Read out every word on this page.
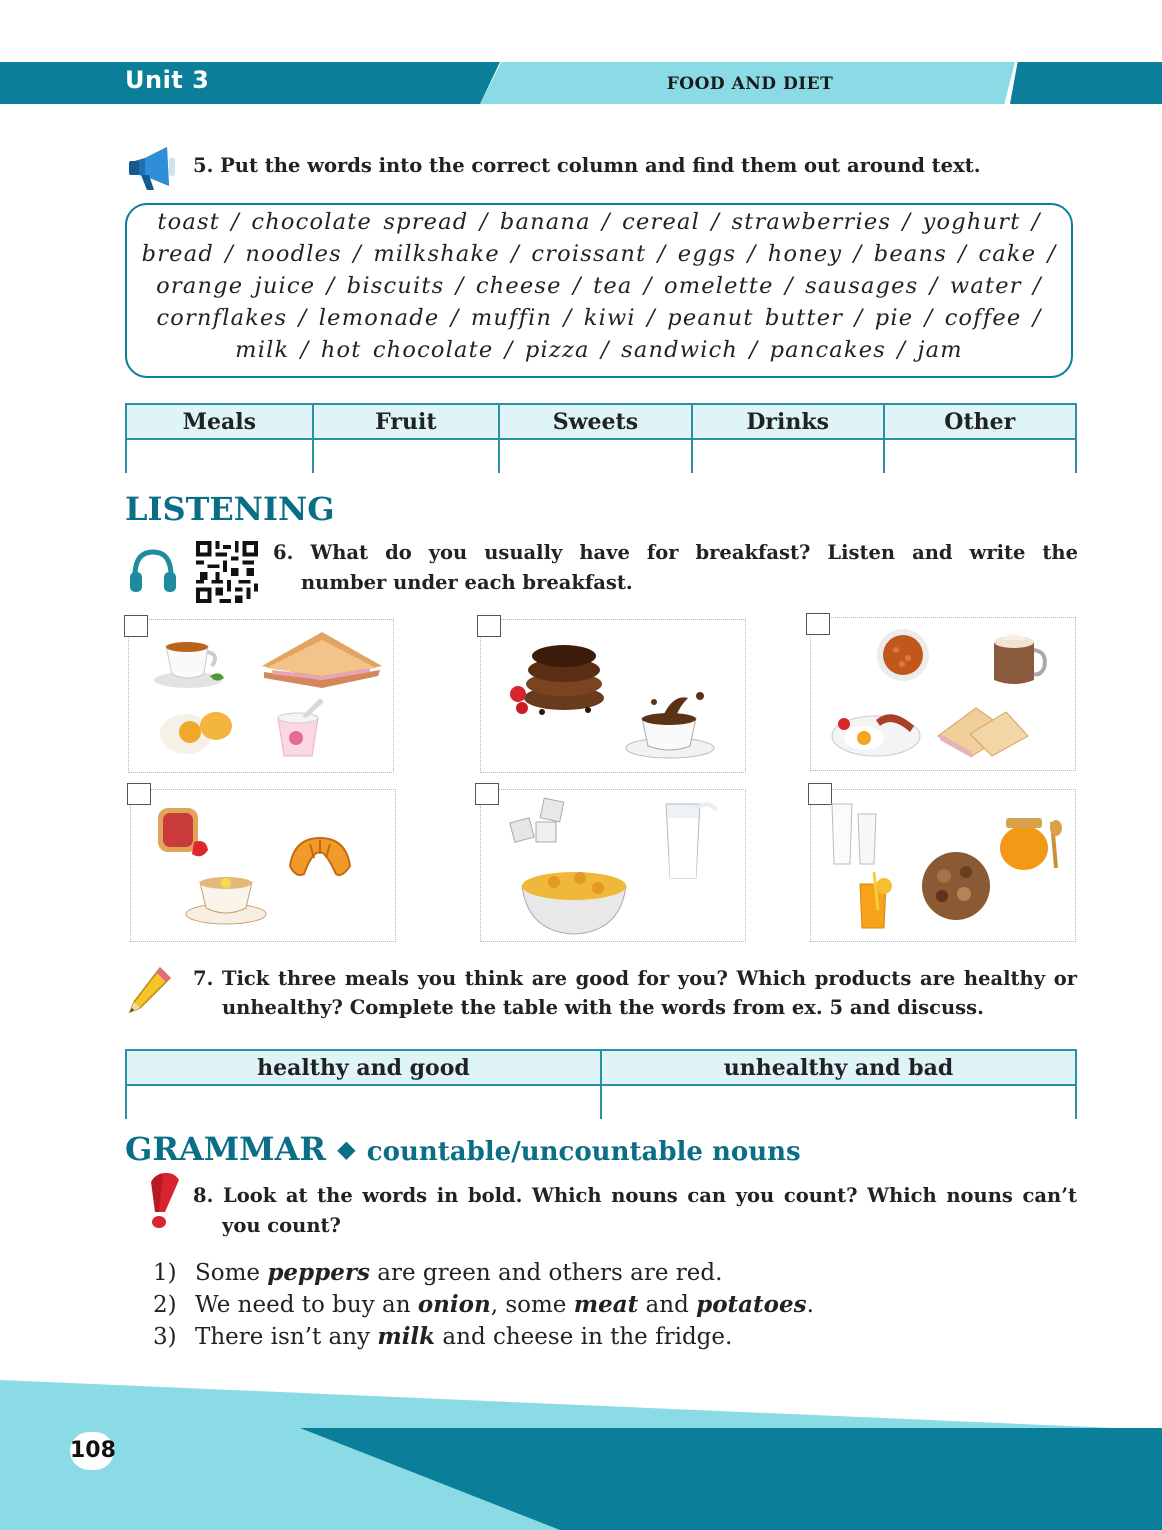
Unit 3	FOOD AND DIET
5. Put the words into the correct column and find them out around text.
toast / chocolate spread / banana / cereal / strawberries / yoghurt /
bread / noodles / milkshake / croissant / eggs / honey / beans / cake /
orange juice / biscuits / cheese / tea / omelette / sausages / water /
cornflakes / lemonade / muffin / kiwi / peanut butter / pie / coffee /
milk / hot chocolate / pizza / sandwich / pancakes / jam
Meals	Fruit	Sweets	Drinks	Other

LISTENING
6. What do you usually have for breakfast? Listen and write the
number under each breakfast.
7. Tick three meals you think are good for you? Which products are healthy or
unhealthy? Complete the table with the words from ex. 5 and discuss.
healthy and good	unhealthy and bad

GRAMMAR ◆ countable/uncountable nouns
8. Look at the words in bold. Which nouns can you count? Which nouns can’t
you count?
1) Some peppers are green and others are red.
2) We need to buy an onion, some meat and potatoes.
3) There isn’t any milk and cheese in the fridge.
108
